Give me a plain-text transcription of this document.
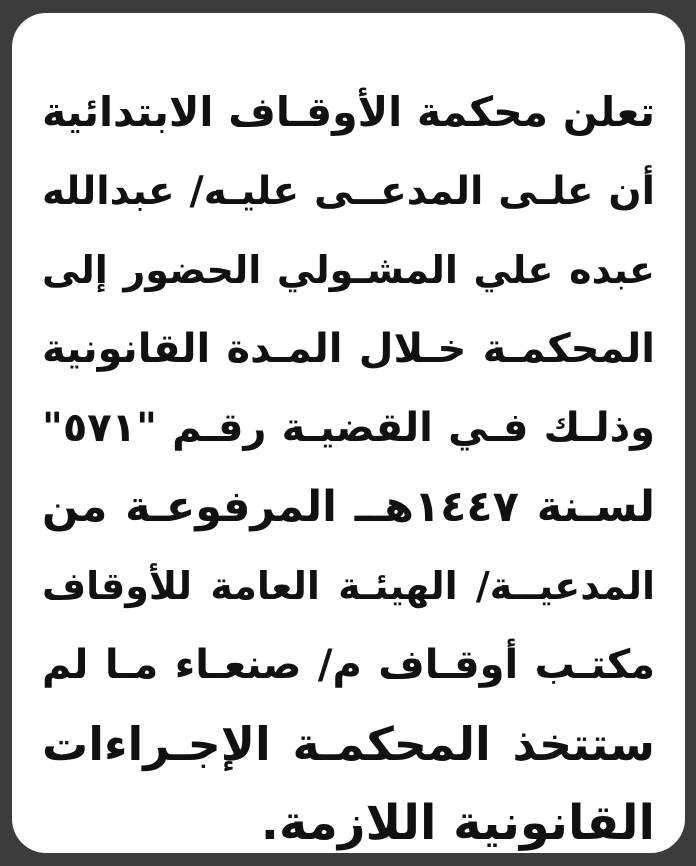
تعلن محكمة الأوقـاف الابتدائية
أن علـى المدعــى عليـه/ عبدالله
عبده علي المشـولي الحضور إلى
المحكمـة خـلال المـدة القانونية
وذلـك فـي القضيـة رقـم "٥٧١"
لسـنة ١٤٤٧هــ المرفوعـة من
المدعيــة/ الهيئـة العامة للأوقاف
مكتـب أوقـاف م/ صنعـاء مـا لم
ستتخذ المحكمـة الإجـراءات
القانونية اللازمة.
